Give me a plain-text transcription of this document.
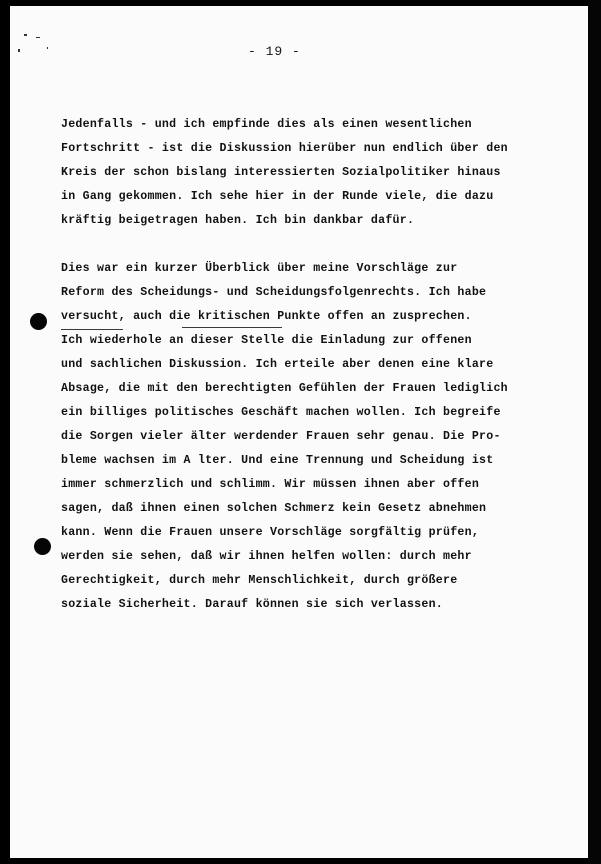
- 19 -
Jedenfalls - und ich empfinde dies als einen wesentlichen
Fortschritt - ist die Diskussion hierüber nun endlich über den
Kreis der schon bislang interessierten Sozialpolitiker hinaus
in Gang gekommen. Ich sehe hier in der Runde viele, die dazu
kräftig beigetragen haben. Ich bin dankbar dafür.
Dies war ein kurzer Überblick über meine Vorschläge zur
Reform des Scheidungs- und Scheidungsfolgenrechts. Ich habe
versucht, auch die kritischen Punkte offen an zusprechen.
Ich wiederhole an dieser Stelle die Einladung zur offenen
und sachlichen Diskussion. Ich erteile aber denen eine klare
Absage, die mit den berechtigten Gefühlen der Frauen lediglich
ein billiges politisches Geschäft machen wollen. Ich begreife
die Sorgen vieler älter werdender Frauen sehr genau. Die Pro-
bleme wachsen im A lter. Und eine Trennung und Scheidung ist
immer schmerzlich und schlimm. Wir müssen ihnen aber offen
sagen, daß ihnen einen solchen Schmerz kein Gesetz abnehmen
kann. Wenn die Frauen unsere Vorschläge sorgfältig prüfen,
werden sie sehen, daß wir ihnen helfen wollen: durch mehr
Gerechtigkeit, durch mehr Menschlichkeit, durch größere
soziale Sicherheit. Darauf können sie sich verlassen.
